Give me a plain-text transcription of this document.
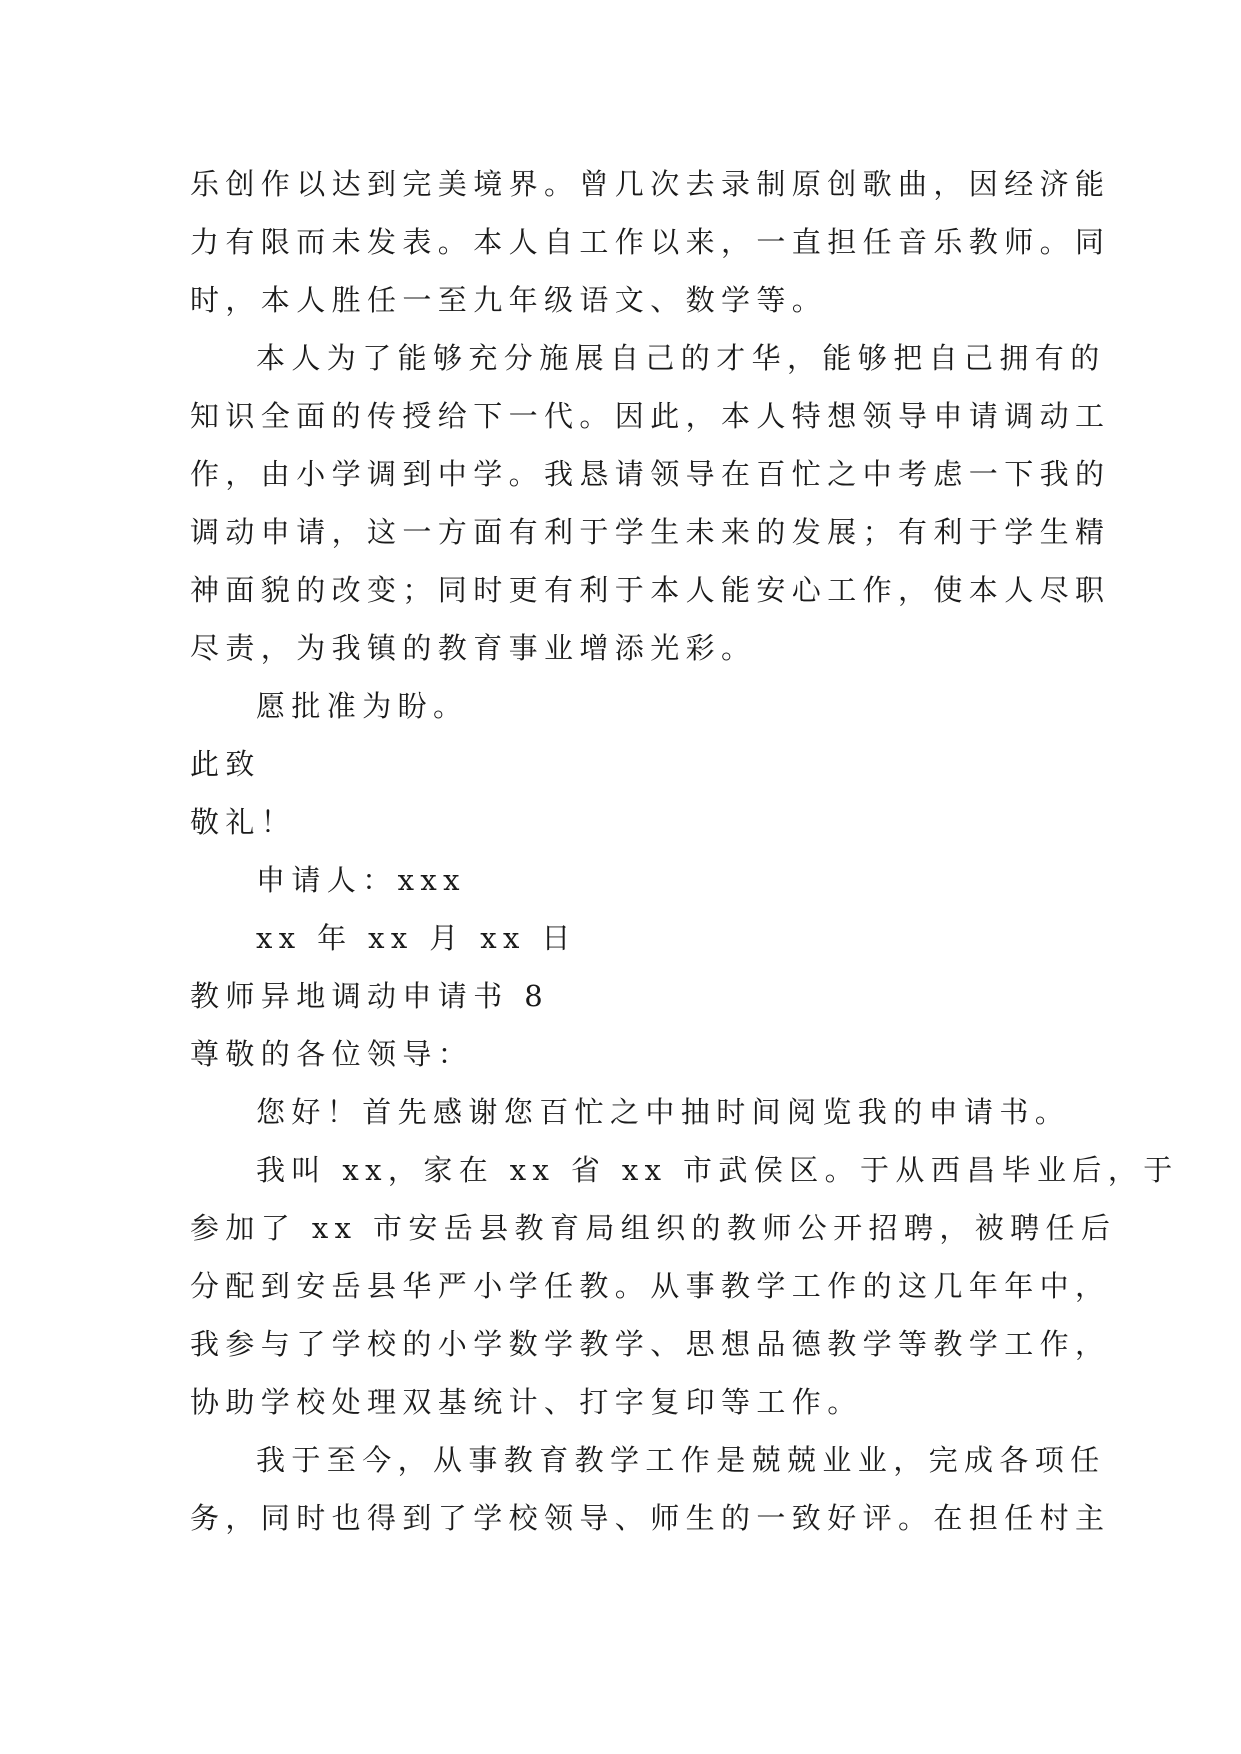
乐创作以达到完美境界。曾几次去录制原创歌曲，因经济能
力有限而未发表。本人自工作以来，一直担任音乐教师。同
时，本人胜任一至九年级语文、数学等。
本人为了能够充分施展自己的才华，能够把自己拥有的
知识全面的传授给下一代。因此，本人特想领导申请调动工
作，由小学调到中学。我恳请领导在百忙之中考虑一下我的
调动申请，这一方面有利于学生未来的发展；有利于学生精
神面貌的改变；同时更有利于本人能安心工作，使本人尽职
尽责，为我镇的教育事业增添光彩。
愿批准为盼。
此致
敬礼！
申请人：xxx
xx 年 xx 月 xx 日
教师异地调动申请书 8
尊敬的各位领导：
您好！首先感谢您百忙之中抽时间阅览我的申请书。
我叫 xx，家在 xx 省 xx 市武侯区。于从西昌毕业后，于
参加了 xx 市安岳县教育局组织的教师公开招聘，被聘任后
分配到安岳县华严小学任教。从事教学工作的这几年年中，
我参与了学校的小学数学教学、思想品德教学等教学工作，
协助学校处理双基统计、打字复印等工作。
我于至今，从事教育教学工作是兢兢业业，完成各项任
务，同时也得到了学校领导、师生的一致好评。在担任村主
